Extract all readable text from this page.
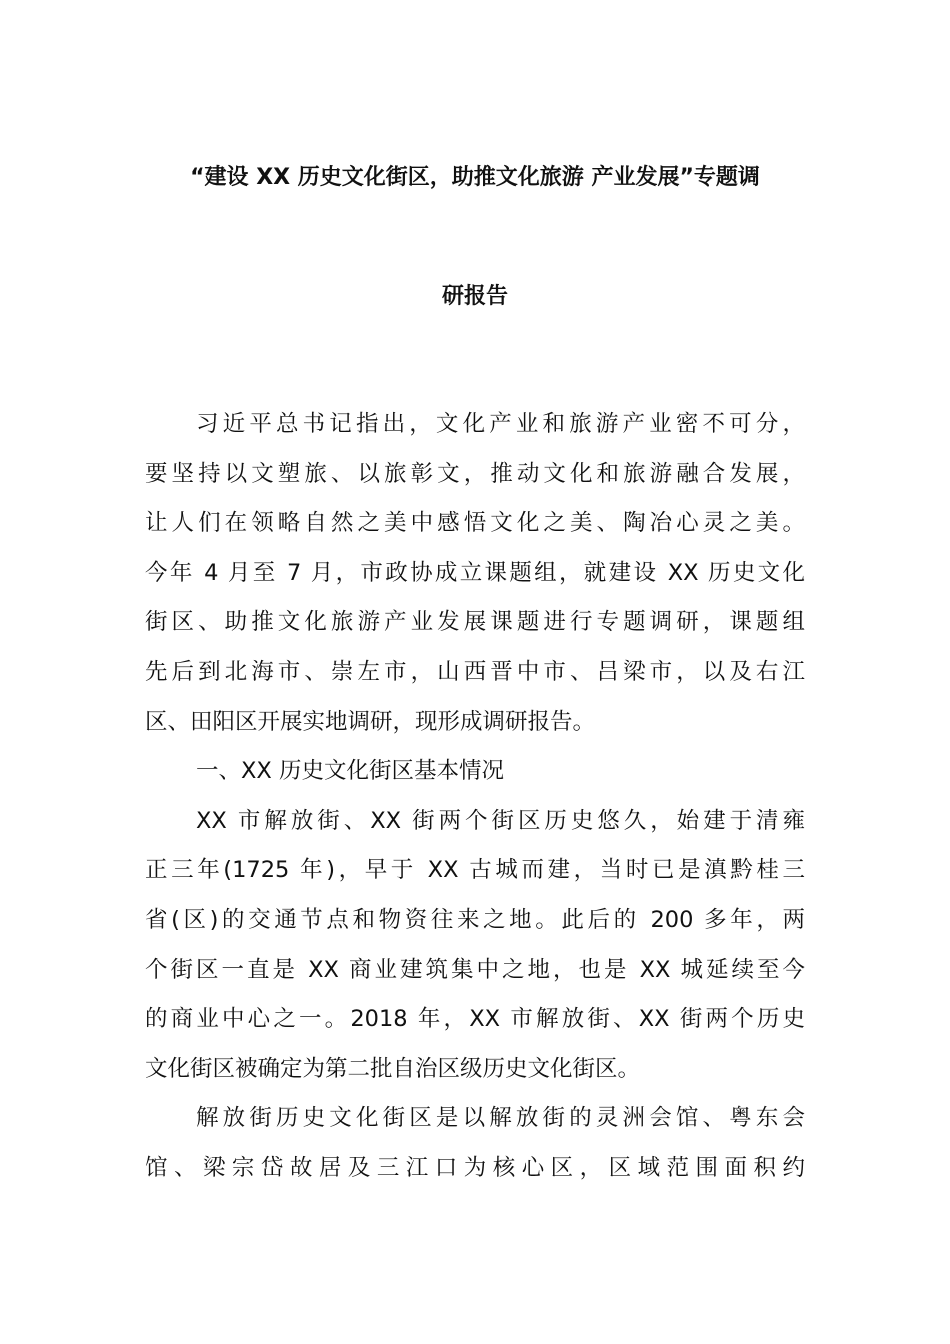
“建设 XX 历史文化街区，助推文化旅游 产业发展”专题调
研报告
习近平总书记指出，文化产业和旅游产业密不可分，
要坚持以文塑旅、以旅彰文，推动文化和旅游融合发展，
让人们在领略自然之美中感悟文化之美、陶冶心灵之美。
今年 4 月至 7 月，市政协成立课题组，就建设 XX 历史文化
街区、助推文化旅游产业发展课题进行专题调研，课题组
先后到北海市、崇左市，山西晋中市、吕梁市，以及右江
区、田阳区开展实地调研，现形成调研报告。
一、XX 历史文化街区基本情况
XX 市解放街、XX 街两个街区历史悠久，始建于清雍
正三年(1725 年)，早于 XX 古城而建，当时已是滇黔桂三
省(区)的交通节点和物资往来之地。此后的 200 多年，两
个街区一直是 XX 商业建筑集中之地，也是 XX 城延续至今
的商业中心之一。2018 年，XX 市解放街、XX 街两个历史
文化街区被确定为第二批自治区级历史文化街区。
解放街历史文化街区是以解放街的灵洲会馆、粤东会
馆、梁宗岱故居及三江口为核心区，区域范围面积约
